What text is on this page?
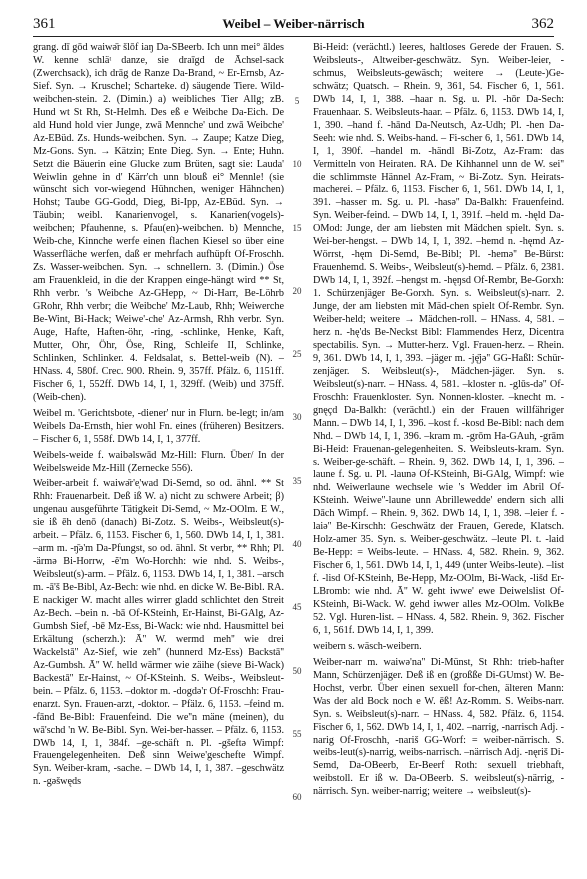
361	Weibel – Weiber-närrisch	362

grang. dī gōd waiwə̄r šlōf iaŋ Da-SBeerb. Ich unn mei° āldes W. kenne schläᵗ danze, sie draīgd de Āchsel-sack (Zwerchsack), ich drāg de Ranze Da-Brand, ~ Er-Ernsb, Az-Sief. Syn. → Kruschel; Scharteke. d) säugende Tiere. Wild-weibchen-stein. 2. (Dimin.) a) weibliches Tier Allg; zB. Hund wt St Rh, St-Helmh. Des eß e Weibche Da-Eich. De ald Hund hold vier Junge, zwā Mennche' und zwā Weibche' Az-EBüd. Zs. Hunds-weibchen. Syn. → Zaupe; Katze Dieg, Mz-Gons. Syn. → Kätzin; Ente Dieg. Syn. → Ente; Huhn. Setzt die Bäuerin eine Glucke zum Brüten, sagt sie: Lauda' Weiwlin gehne in d' Kärr'ch unn blouß ei° Mennle! (sie wünscht sich vor-wiegend Hühnchen, weniger Hähnchen) Hohst; Taube GG-Godd, Dieg, Bi-Ipp, Az-EBüd. Syn. → Täubin; weibl. Kanarienvogel, s. Kanarien(vogels)-weibchen; Pfauhenne, s. Pfau(en)-weibchen. b) Mennche, Weib-che, Kinnche werfe einen flachen Kiesel so über eine Wasserfläche werfen, daß er mehrfach aufhüpft Of-Froschh. Zs. Wasser-weibchen. Syn. → schnellern. 3. (Dimin.) Öse am Frauenkleid, in die der Krappen einge-hängt wird ** St, Rhh verbr. 's Weibche Az-GHepp, ~ Di-Harr, Be-Löhrb GRohr, Rhh verbr; die Weibche' Mz-Laub, Rhh; Weiwerche Be-Wint, Bi-Hack; Weiwe'-che' Az-Armsh, Rhh verbr. Syn. Auge, Hafte, Haften-öhr, -ring, -schlinke, Henke, Kaft, Mutter, Ohr, Öhr, Öse, Ring, Schleife II, Schlinke, Schlinken, Schlinker. 4. Feldsalat, s. Bettel-weib (N). – HNass. 4, 580f. Crec. 900. Rhein. 9, 357ff. Pfälz. 6, 1151ff. Fischer 6, 1, 552ff. DWb 14, I, 1, 329ff. (Weib) und 375ff. (Weib-chen).

Weibel m. 'Gerichtsbote, -diener' nur in Flurn. be-legt; in/am Weibels Da-Ernsth, hier wohl Fn. eines (früheren) Besitzers. – Fischer 6, 1, 558f. DWb 14, I, 1, 377ff.

Weibels-weide f. waibəlswād Mz-Hill: Flurn. Über/ In der Weibelsweide Mz-Hill (Zernecke 556).

Weiber-arbeit f. waiwə̄r'e̜'wad Di-Semd, so od. ähnl. ** St Rhh: Frauenarbeit. Deß iß W. a) nicht zu schwere Arbeit; β) ungenau ausgeführte Tätigkeit Di-Semd, ~ Mz-OOlm. E W., sie iß ēh denō (danach) Bi-Zotz. S. Weibs-, Weibsleut(s)-arbeit. – Pfälz. 6, 1153. Fischer 6, 1, 560. DWb 14, I, 1, 381. –arm m. -ŋ̄ə'm Da-Pfungst, so od. ähnl. St verbr, ** Rhh; Pl. -ärmə Bi-Horrw, -ĕ'm Wo-Horchh: wie nhd. S. Weibs-, Weibsleut(s)-arm. – Pfälz. 6, 1153. DWb 14, I, 1, 381. –arsch m. -ā'š Be-Bibl, Az-Bech: wie nhd. en dicke W. Be-Bibl. RA. E nackiger W. macht alles wirrer gladd schlichtet den Streit Az-Bech. –bein n. -bā Of-KSteinh, Er-Hainst, Bi-GAlg, Az-Gumbsh Sief, -bē Mz-Ess, Bi-Wack: wie nhd. Hausmittel bei Erkältung (scherzh.): Ā'' W. wermd meh'' wie drei Wackelstā'' Az-Sief, wie zeh'' (hunnerd Mz-Ess) Backstā'' Az-Gumbsh. Ā'' W. helld wärmer wie zäihe (sieve Bi-Wack) Backestā'' Er-Hainst, ~ Of-KSteinh. S. Weibs-, Weibsleut-bein. – Pfälz. 6, 1153. –doktor m. -dogdə'r Of-Froschh: Frau-enarzt. Syn. Frauen-arzt, -doktor. – Pfälz. 6, 1153. –feind m. -fānd Be-Bibl: Frauenfeind. Die we''n mäne (meinen), du wā'schd 'n W. Be-Bibl. Syn. Wei-ber-hasser. – Pfälz. 6, 1153. DWb 14, I, 1, 384f. –ge-schäft n. Pl. -gšeftə Wimpf: Frauengelegenheiten. Deß sinn Weiwe'geschefte Wimpf. Syn. Weiber-kram, -sache. – DWb 14, I, 1, 387. –geschwätz n. -gəšwęds

5
10
15
20
25
30
35
40
45
50
55
60

Bi-Heid: (verächtl.) leeres, haltloses Gerede der Frauen. S. Weibsleuts-, Altweiber-geschwätz. Syn. Weiber-leier, -schmus, Weibsleuts-gewäsch; weitere → (Leute-)Ge-schwätz; Quatsch. – Rhein. 9, 361, 54. Fischer 6, 1, 561. DWb 14, I, 1, 388. –haar n. Sg. u. Pl. -hōr Da-Sech: Frauenhaar. S. Weibsleuts-haar. – Pfälz. 6, 1153. DWb 14, I, 1, 390. –hand f. -hānd Da-Neutsch, Az-Udh; Pl. -hen Da-Seeh: wie nhd. S. Weibs-hand. – Fi-scher 6, 1, 561. DWb 14, I, 1, 390f. –handel m. -händl Bi-Zotz, Az-Fram: das Vermitteln von Heiraten. RA. De Kihhannel unn de W. sei'' die schlimmste Hännel Az-Fram, ~ Bi-Zotz. Syn. Heirats-macherei. – Pfälz. 6, 1153. Fischer 6, 1, 561. DWb 14, I, 1, 391. –hasser m. Sg. u. Pl. -hasə'' Da-Balkh: Frauenfeind. Syn. Weiber-feind. – DWb 14, I, 1, 391f. –held m. -hęld Da-OMod: Junge, der am liebsten mit Mädchen spielt. Syn. s. Wei-ber-hengst. – DWb 14, I, 1, 392. –hemd n. -hęmd Az-Wörrst, -hęm Di-Semd, Be-Bibl; Pl. -hemə'' Be-Bürst: Frauenhemd. S. Weibs-, Weibsleut(s)-hemd. – Pfälz. 6, 2381. DWb 14, I, 1, 392f. –hengst m. -hęŋsd Of-Rembr, Be-Gorxh: 1. Schürzenjäger Be-Gorxh. Syn. s. Weibsleut(s)-narr. 2. Junge, der am liebsten mit Mäd-chen spielt Of-Rembr. Syn. Weiber-held; weitere → Mädchen-roll. – HNass. 4, 581. –herz n. -hę'ds Be-Neckst Bibl: Flammendes Herz, Dicentra spectabilis. Syn. → Mutter-herz. Vgl. Frauen-herz. – Rhein. 9, 361. DWb 14, I, 1, 393. –jäger m. -ję̄jə'' GG-Haßl: Schür-zenjäger. S. Weibsleut(s)-, Mädchen-jäger. Syn. s. Weibsleut(s)-narr. – HNass. 4, 581. –kloster n. -glūs-də'' Of-Froschh: Frauenkloster. Syn. Nonnen-kloster. –knecht m. -gnęçd Da-Balkh: (verächtl.) ein der Frauen willfähriger Mann. – DWb 14, I, 1, 396. –kost f. -kosd Be-Bibl: nach dem Nhd. – DWb 14, I, 1, 396. –kram m. -grōm Ha-GAuh, -grām Bi-Heid: Frauenan-gelegenheiten. S. Weibsleuts-kram. Syn. s. Weiber-ge-schäft. – Rhein. 9, 362. DWb 14, I, 1, 396. –laune f. Sg. u. Pl. -launə Of-KSteinh, Bi-GAlg, Wimpf: wie nhd. Weiwerlaune wechsele wie 's Wedder im Abril Of-KSteinh. Weiwe''-laune unn Abrillewedde' endern sich alli Dāch Wimpf. – Rhein. 9, 362. DWb 14, I, 1, 398. –leier f. -laiə'' Be-Kirschh: Geschwätz der Frauen, Gerede, Klatsch. Holz-amer 35. Syn. s. Weiber-geschwätz. –leute Pl. t. -laid Be-Hepp: = Weibs-leute. – HNass. 4, 582. Rhein. 9, 362. Fischer 6, 1, 561. DWb 14, I, 1, 449 (unter Weibs-leute). –list f. -lisd Of-KSteinh, Be-Hepp, Mz-OOlm, Bi-Wack, -lišd Er-LBromb: wie nhd. Ā'' W. geht iwwe' ewe Deiwelslist Of-KSteinh, Bi-Wack. W. gehd iwwer alles Mz-OOlm. VolkBe 52. Vgl. Huren-list. – HNass. 4, 582. Rhein. 9, 362. Fischer 6, 1, 561f. DWb 14, I, 1, 399.

weibern s. wäsch-weibern.

Weiber-narr m. waiwə'na'' Di-Münst, St Rhh: trieb-hafter Mann, Schürzenjäger. Deß iß en (großße Di-GUmst) W. Be-Hochst, verbr. Über einen sexuell for-chen, älteren Mann: Was der ald Bock noch e W. ēß! Az-Romm. S. Weibs-narr. Syn. s. Weibsleut(s)-narr. – HNass. 4, 582. Pfälz. 6, 1154. Fischer 6, 1, 562. DWb 14, I, 1, 402. –narrig, -narrisch Adj. -narig Of-Froschh, -nariš GG-Worf: = weiber-närrisch. S. weibs-leut(s)-narrig, weibs-narrisch. –närrisch Adj. -nęriš Di-Semd, Da-OBeerb, Er-Beerf Roth: sexuell triebhaft, weibstoll. Er iß w. Da-OBeerb. S. weibsleut(s)-närrig, -närrisch. Syn. weiber-narrig; weitere → weibsleut(s)-
